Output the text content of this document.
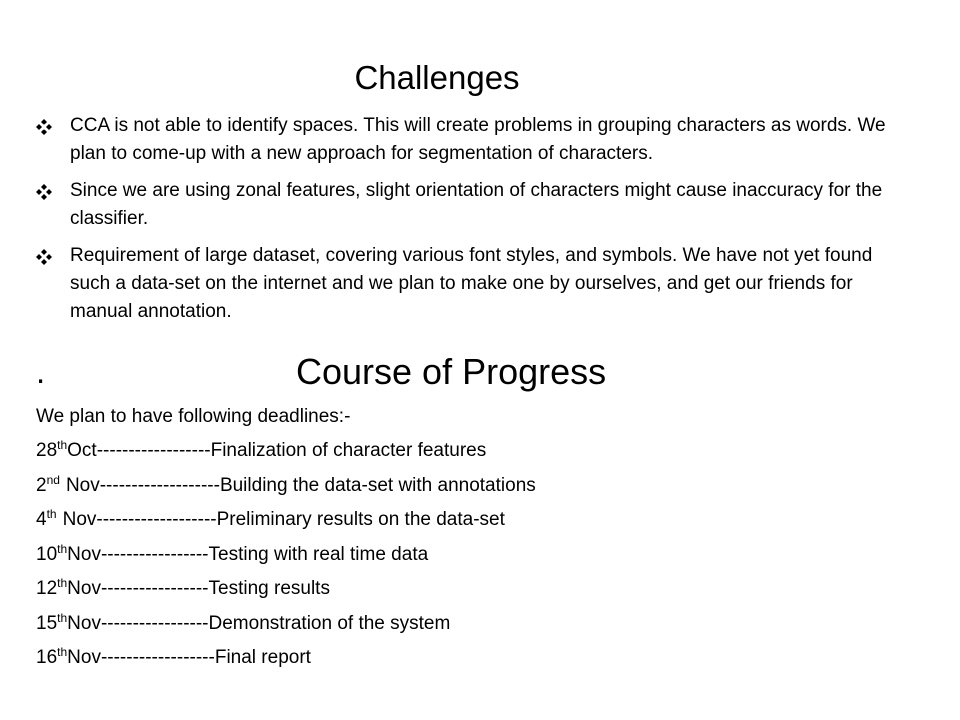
Challenges
CCA is not able to identify spaces. This will create problems in grouping characters as words. We plan to come-up with a new approach for segmentation of characters.
Since we are using zonal features, slight orientation of characters might cause inaccuracy for the classifier.
Requirement of large dataset, covering various font styles, and symbols. We have not yet found such a data-set on the internet and we plan to make one by ourselves, and get our friends for manual annotation.
.	Course of Progress
We plan to have following deadlines:-
28thOct------------------Finalization of character features
2nd Nov-------------------Building the data-set with annotations
4th Nov-------------------Preliminary results on the data-set
10thNov-----------------Testing with real time data
12thNov-----------------Testing results
15thNov-----------------Demonstration of the system
16thNov------------------Final report
